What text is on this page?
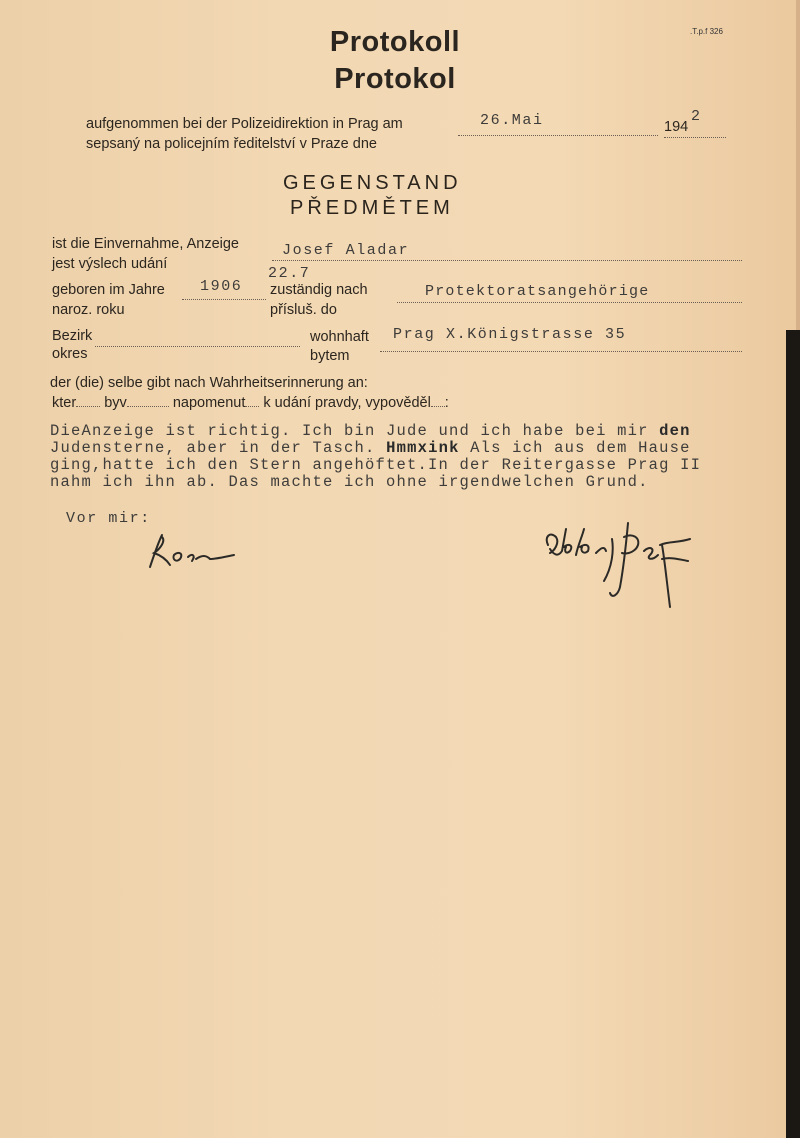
.T.p.f 326
Protokoll
Protokol
aufgenommen bei der Polizeidirektion in Prag am
sepsaný na policejním ředitelství v Praze dne
26.Mai	194
2
GEGENSTAND
PŘEDMĚTEM
ist die Einvernahme, Anzeige
jest výslech udání
Josef Aladar
geboren im Jahre
naroz. roku
1906
22.7
zuständig nach
přísluš. do
Protektoratsangehörige
Bezirk
okres
wohnhaft
bytem
Prag X.Königstrasse 35
der (die) selbe gibt nach Wahrheitserinnerung an:
kter byv	napomenut k udání pravdy, vypověděl :
DieAnzeige ist richtig. Ich bin Jude und ich habe bei mir den
Judensterne, aber in der Tasch. Hmmxink Als ich aus dem Hause
ging,hatte ich den Stern angehöftet.In der Reitergasse Prag II
nahm ich ihn ab. Das machte ich ohne irgendwelchen Grund.
Vor mir:
